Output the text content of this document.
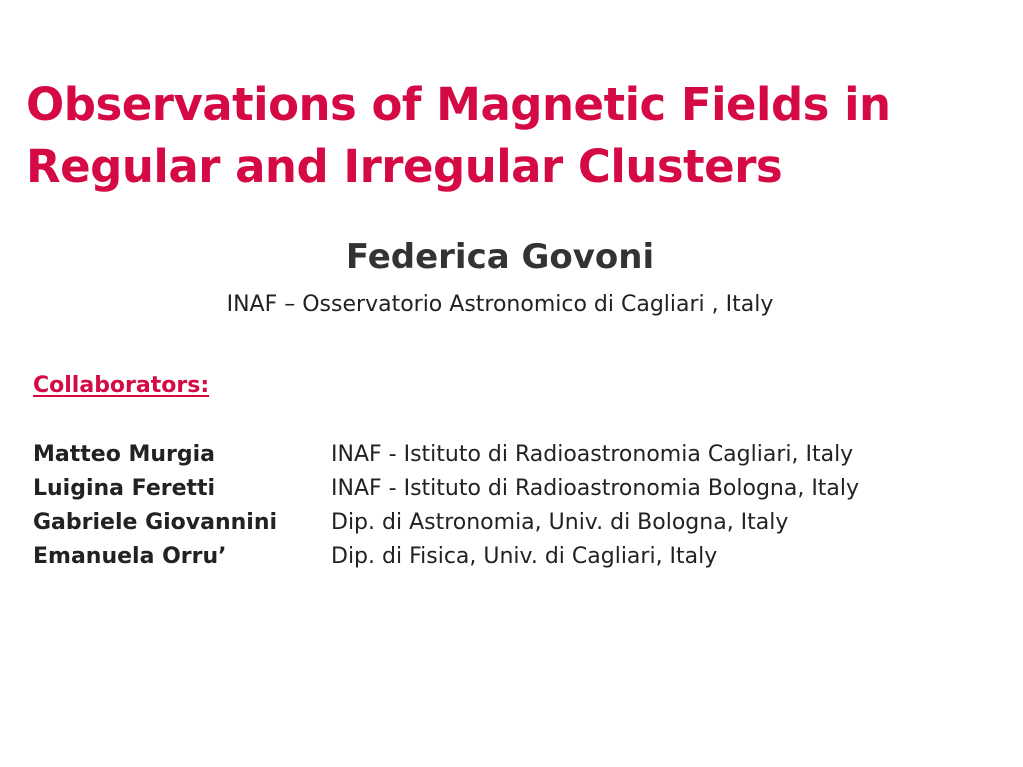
Observations of Magnetic Fields in
Regular and Irregular Clusters
Federica Govoni
INAF – Osservatorio Astronomico di Cagliari , Italy
Collaborators:
Matteo Murgia	INAF - Istituto di Radioastronomia Cagliari, Italy
Luigina Feretti	INAF - Istituto di Radioastronomia Bologna, Italy
Gabriele Giovannini	Dip. di Astronomia, Univ. di Bologna, Italy
Emanuela Orru’	Dip. di Fisica, Univ. di Cagliari, Italy
